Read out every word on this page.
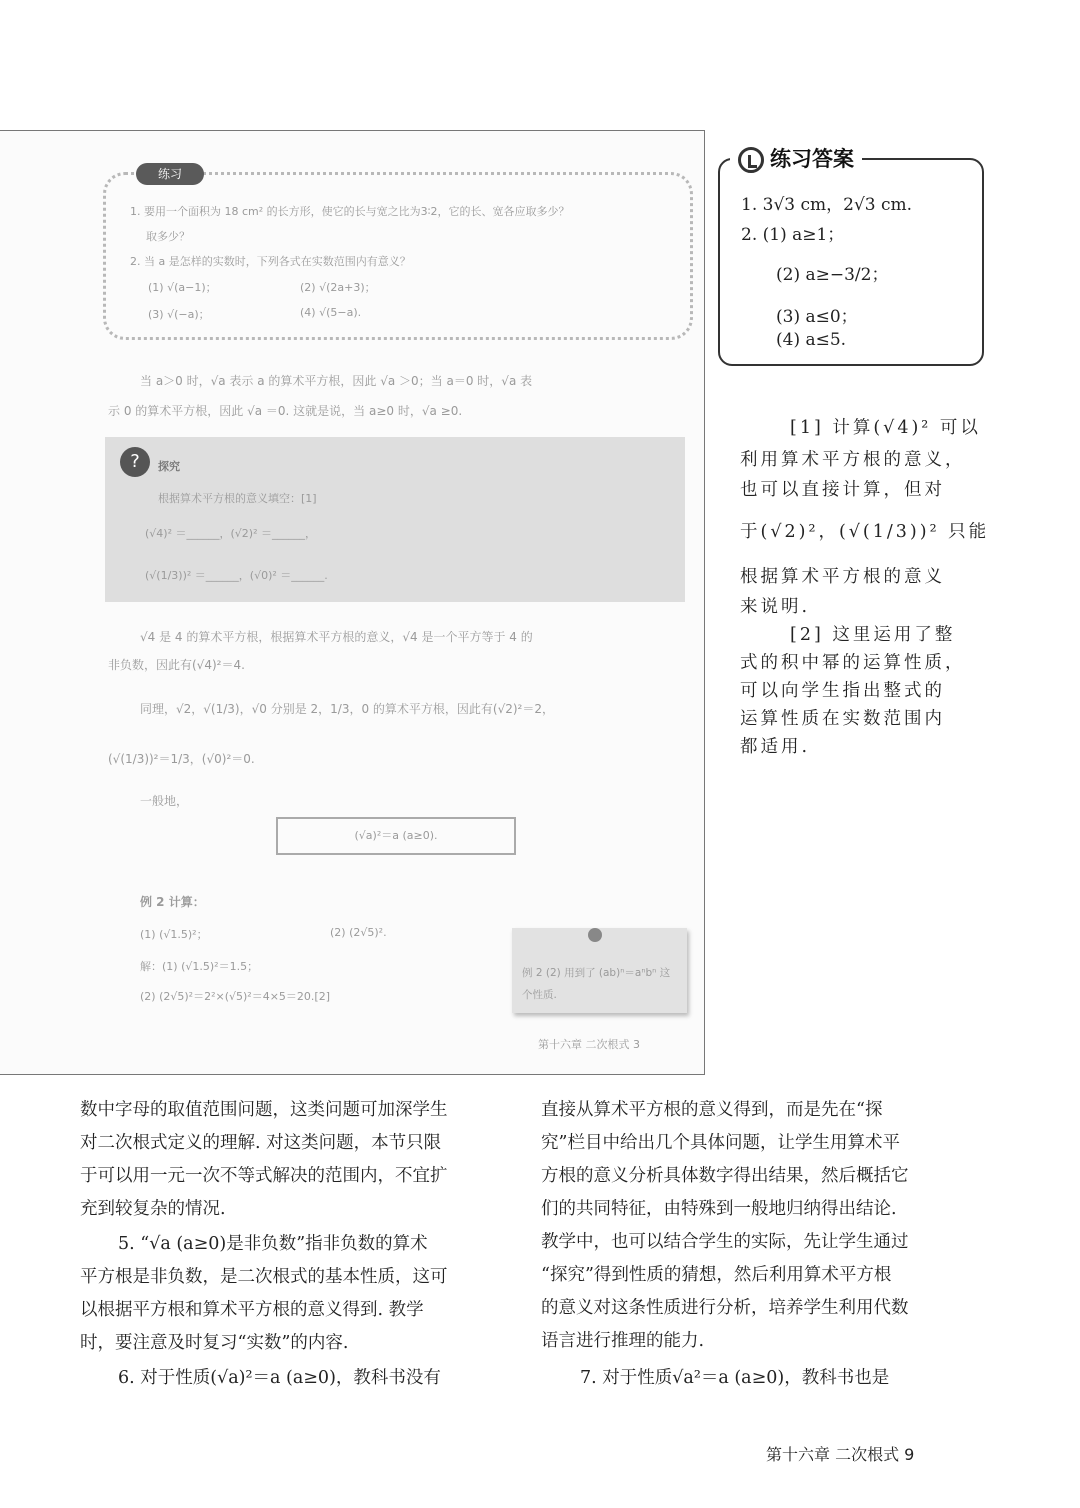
练习
1. 要用一个面积为 18 cm² 的长方形，使它的长与宽之比为3∶2，它的长、宽各应取多少？
取多少？
2. 当 a 是怎样的实数时，下列各式在实数范围内有意义？
(1) √(a−1)；	(2) √(2a+3)；
(3) √(−a)；	(4) √(5−a).
当 a＞0 时，√a 表示 a 的算术平方根，因此 √a ＞0；当 a＝0 时，√a 表
示 0 的算术平方根，因此 √a ＝0. 这就是说，当 a≥0 时，√a ≥0.
?	探究
根据算术平方根的意义填空：[1]
(√4)² ＝______，(√2)² ＝______，
(√(1/3))² ＝______，(√0)² ＝______.
√4 是 4 的算术平方根，根据算术平方根的意义，√4 是一个平方等于 4 的
非负数，因此有(√4)²＝4.
同理，√2，√(1/3)，√0 分别是 2，1/3，0 的算术平方根，因此有(√2)²＝2，
(√(1/3))²＝1/3，(√0)²＝0.
一般地，
(√a)²＝a (a≥0).
例 2 计算：
(1) (√1.5)²；	(2) (2√5)².
解：(1) (√1.5)²＝1.5；
(2) (2√5)²＝2²×(√5)²＝4×5＝20.[2]
例 2 (2) 用到了 (ab)ⁿ＝aⁿbⁿ 这个性质.
第十六章 二次根式 3
练习答案
1. 3√3 cm，2√3 cm.
2. (1) a≥1；
(2) a≥−3/2；
(3) a≤0；
(4) a≤5.
[1] 计算(√4)² 可以
利用算术平方根的意义，
也可以直接计算，但对
于(√2)²，(√(1/3))² 只能
根据算术平方根的意义
来说明.
[2] 这里运用了整
式的积中幂的运算性质，
可以向学生指出整式的
运算性质在实数范围内
都适用.
数中字母的取值范围问题，这类问题可加深学生
对二次根式定义的理解. 对这类问题，本节只限
于可以用一元一次不等式解决的范围内，不宜扩
充到较复杂的情况.
5. “√a (a≥0)是非负数”指非负数的算术
平方根是非负数，是二次根式的基本性质，这可
以根据平方根和算术平方根的意义得到. 教学
时，要注意及时复习“实数”的内容.
6. 对于性质(√a)²＝a (a≥0)，教科书没有
直接从算术平方根的意义得到，而是先在“探
究”栏目中给出几个具体问题，让学生用算术平
方根的意义分析具体数字得出结果，然后概括它
们的共同特征，由特殊到一般地归纳得出结论.
教学中，也可以结合学生的实际，先让学生通过
“探究”得到性质的猜想，然后利用算术平方根
的意义对这条性质进行分析，培养学生利用代数
语言进行推理的能力.
7. 对于性质√a²＝a (a≥0)，教科书也是
第十六章 二次根式 9
